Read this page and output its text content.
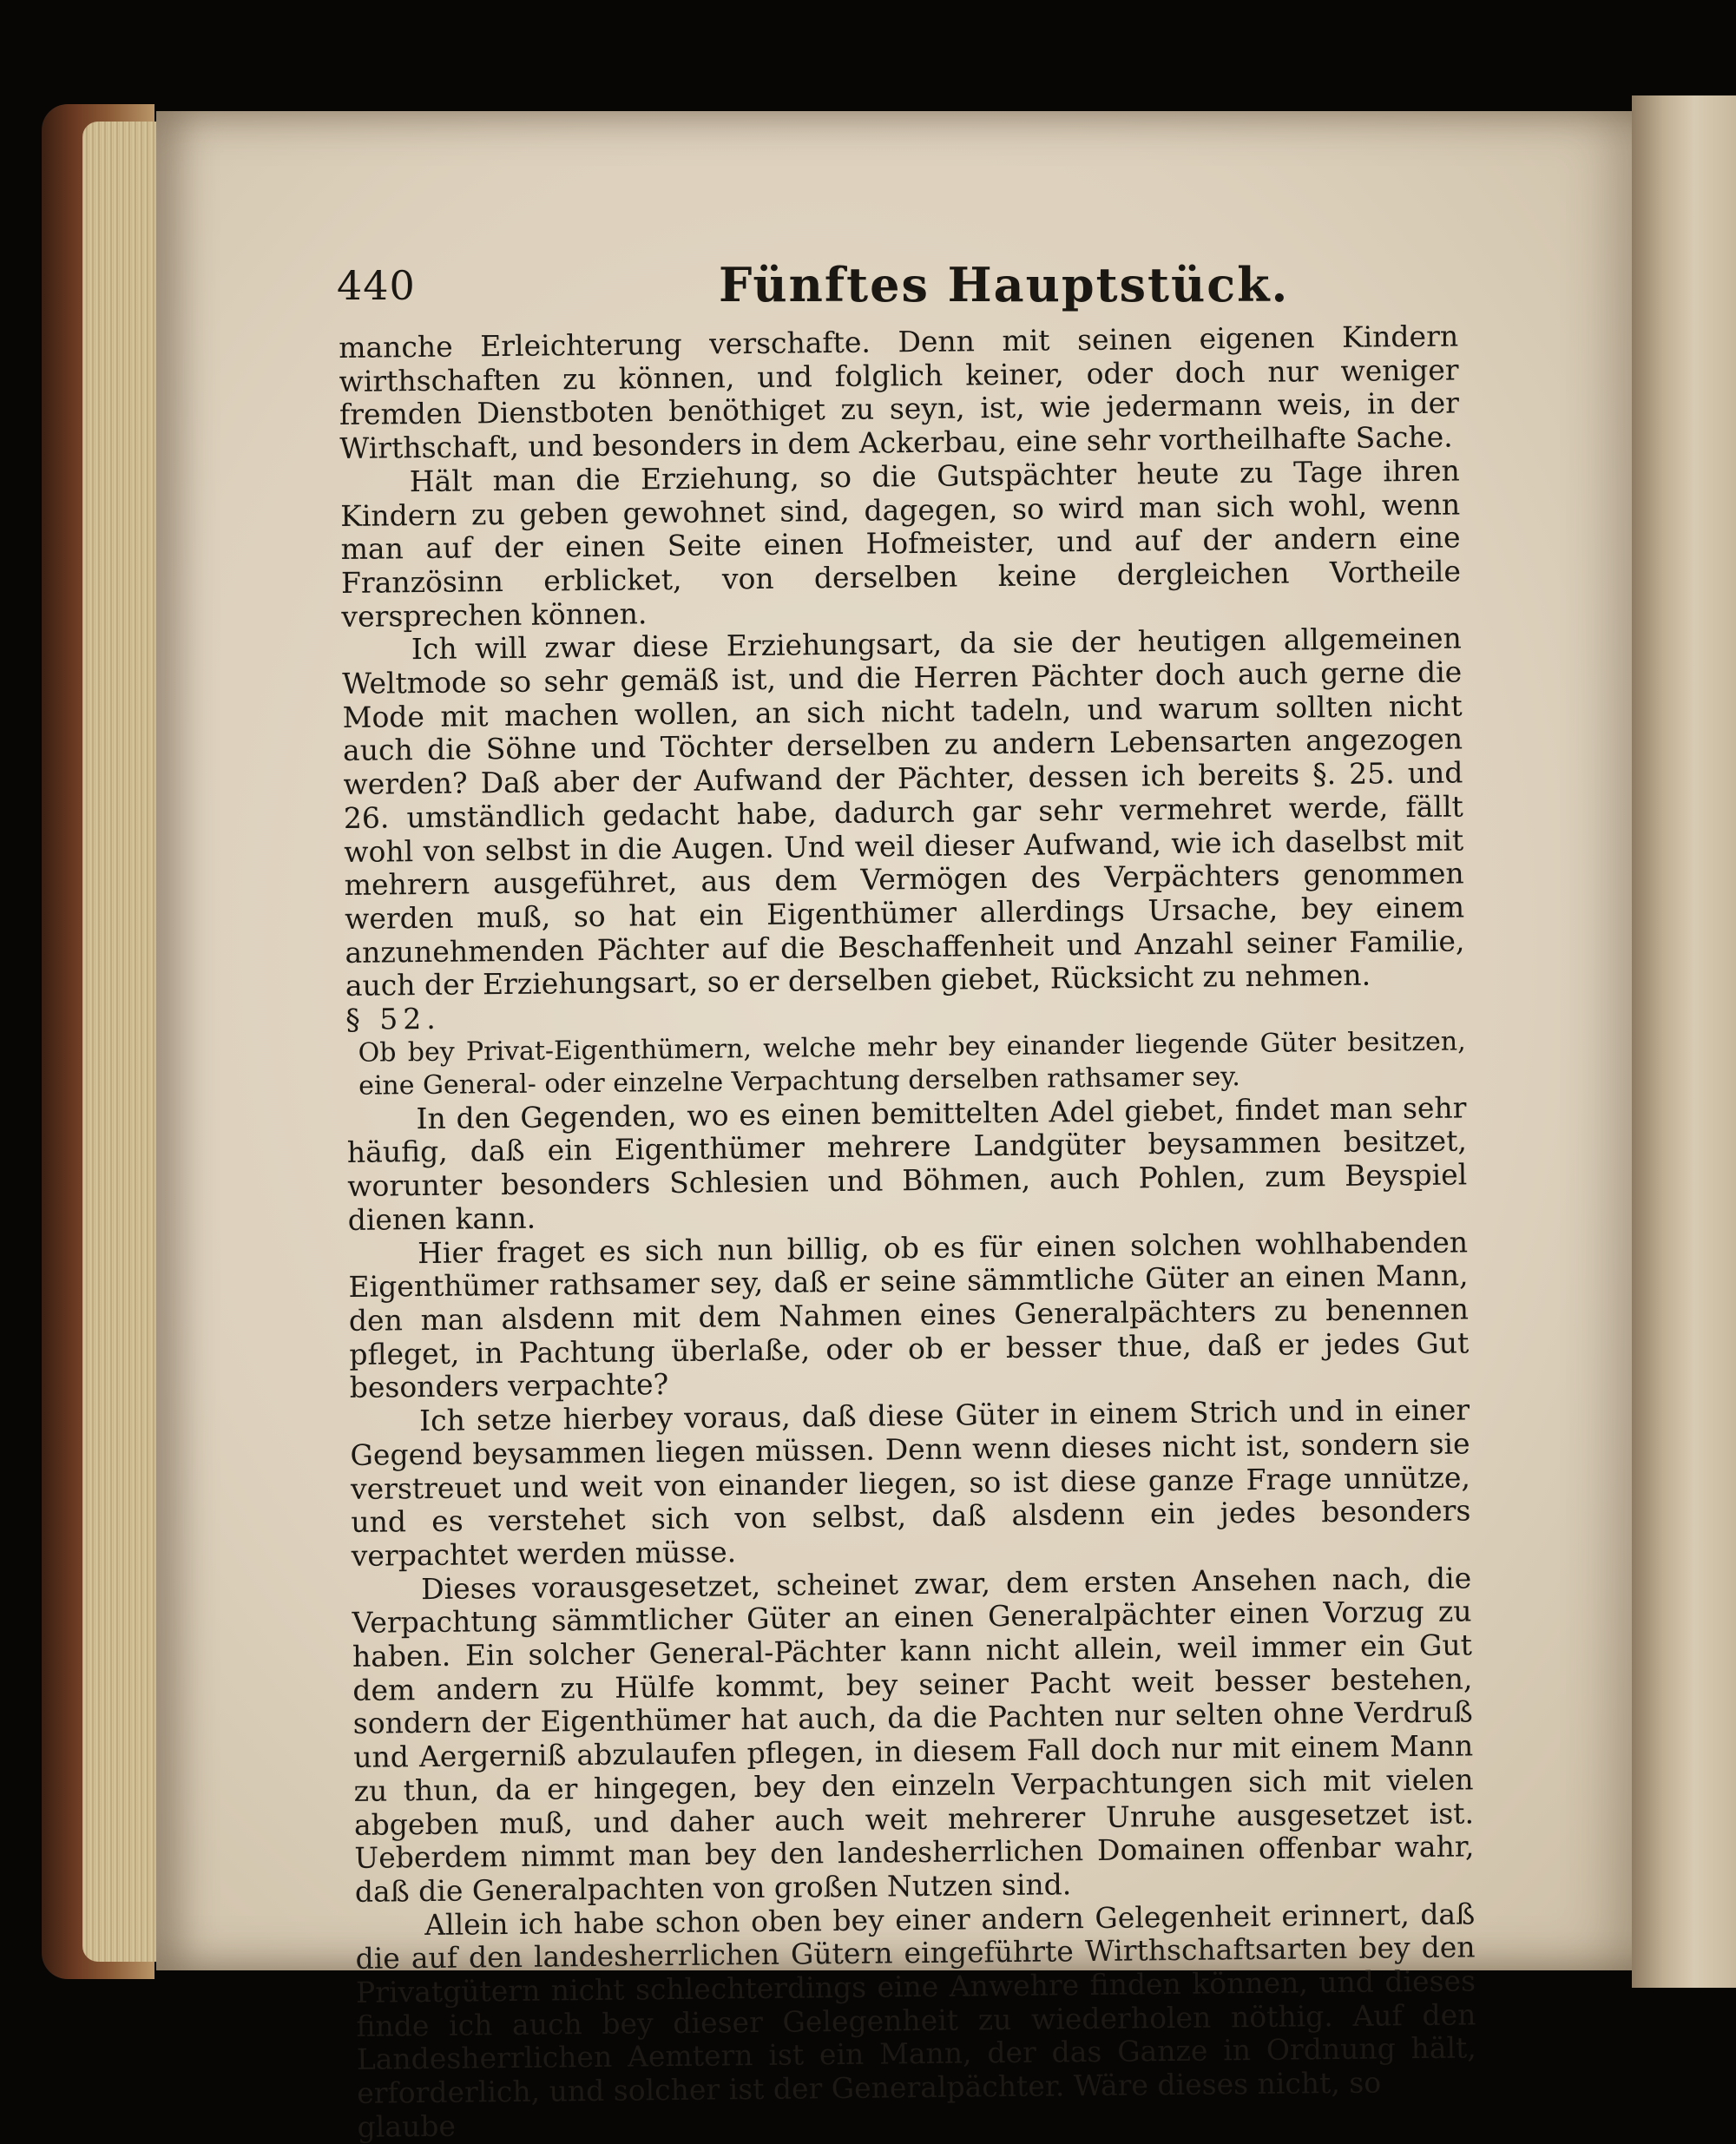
440	Fünftes Hauptstück.

manche Erleichterung verschafte. Denn mit seinen eigenen Kindern wirthschaften zu können, und folglich keiner, oder doch nur weniger fremden Dienstboten benöthiget zu seyn, ist, wie jedermann weis, in der Wirthschaft, und besonders in dem Ackerbau, eine sehr vortheilhafte Sache.

Hält man die Erziehung, so die Gutspächter heute zu Tage ihren Kindern zu geben gewohnet sind, dagegen, so wird man sich wohl, wenn man auf der einen Seite einen Hofmeister, und auf der andern eine Französinn erblicket, von derselben keine dergleichen Vortheile versprechen können.

Ich will zwar diese Erziehungsart, da sie der heutigen allgemeinen Weltmode so sehr gemäß ist, und die Herren Pächter doch auch gerne die Mode mit machen wollen, an sich nicht tadeln, und warum sollten nicht auch die Söhne und Töchter derselben zu andern Lebensarten angezogen werden? Daß aber der Aufwand der Pächter, dessen ich bereits §. 25. und 26. umständlich gedacht habe, dadurch gar sehr vermehret werde, fällt wohl von selbst in die Augen. Und weil dieser Aufwand, wie ich daselbst mit mehrern ausgeführet, aus dem Vermögen des Verpächters genommen werden muß, so hat ein Eigenthümer allerdings Ursache, bey einem anzunehmenden Pächter auf die Beschaffenheit und Anzahl seiner Familie, auch der Erziehungsart, so er derselben giebet, Rücksicht zu nehmen.

§ 52.

Ob bey Privat-Eigenthümern, welche mehr bey einander liegende Güter besitzen, eine General- oder einzelne Verpachtung derselben rathsamer sey.

In den Gegenden, wo es einen bemittelten Adel giebet, findet man sehr häufig, daß ein Eigenthümer mehrere Landgüter beysammen besitzet, worunter besonders Schlesien und Böhmen, auch Pohlen, zum Beyspiel dienen kann.

Hier fraget es sich nun billig, ob es für einen solchen wohlhabenden Eigenthümer rathsamer sey, daß er seine sämmtliche Güter an einen Mann, den man alsdenn mit dem Nahmen eines Generalpächters zu benennen pfleget, in Pachtung überlaße, oder ob er besser thue, daß er jedes Gut besonders verpachte?

Ich setze hierbey voraus, daß diese Güter in einem Strich und in einer Gegend beysammen liegen müssen. Denn wenn dieses nicht ist, sondern sie verstreuet und weit von einander liegen, so ist diese ganze Frage unnütze, und es verstehet sich von selbst, daß alsdenn ein jedes besonders verpachtet werden müsse.

Dieses vorausgesetzet, scheinet zwar, dem ersten Ansehen nach, die Verpachtung sämmtlicher Güter an einen Generalpächter einen Vorzug zu haben. Ein solcher General-Pächter kann nicht allein, weil immer ein Gut dem andern zu Hülfe kommt, bey seiner Pacht weit besser bestehen, sondern der Eigenthümer hat auch, da die Pachten nur selten ohne Verdruß und Aergerniß abzulaufen pflegen, in diesem Fall doch nur mit einem Mann zu thun, da er hingegen, bey den einzeln Verpachtungen sich mit vielen abgeben muß, und daher auch weit mehrerer Unruhe ausgesetzet ist. Ueberdem nimmt man bey den landesherrlichen Domainen offenbar wahr, daß die Generalpachten von großen Nutzen sind.

Allein ich habe schon oben bey einer andern Gelegenheit erinnert, daß die auf den landesherrlichen Gütern eingeführte Wirthschaftsarten bey den Privatgütern nicht schlechterdings eine Anwehre finden können, und dieses finde ich auch bey dieser Gelegenheit zu wiederholen nöthig. Auf den Landesherrlichen Aemtern ist ein Mann, der das Ganze in Ordnung hält, erforderlich, und solcher ist der Generalpächter. Wäre dieses nicht, so

glaube
